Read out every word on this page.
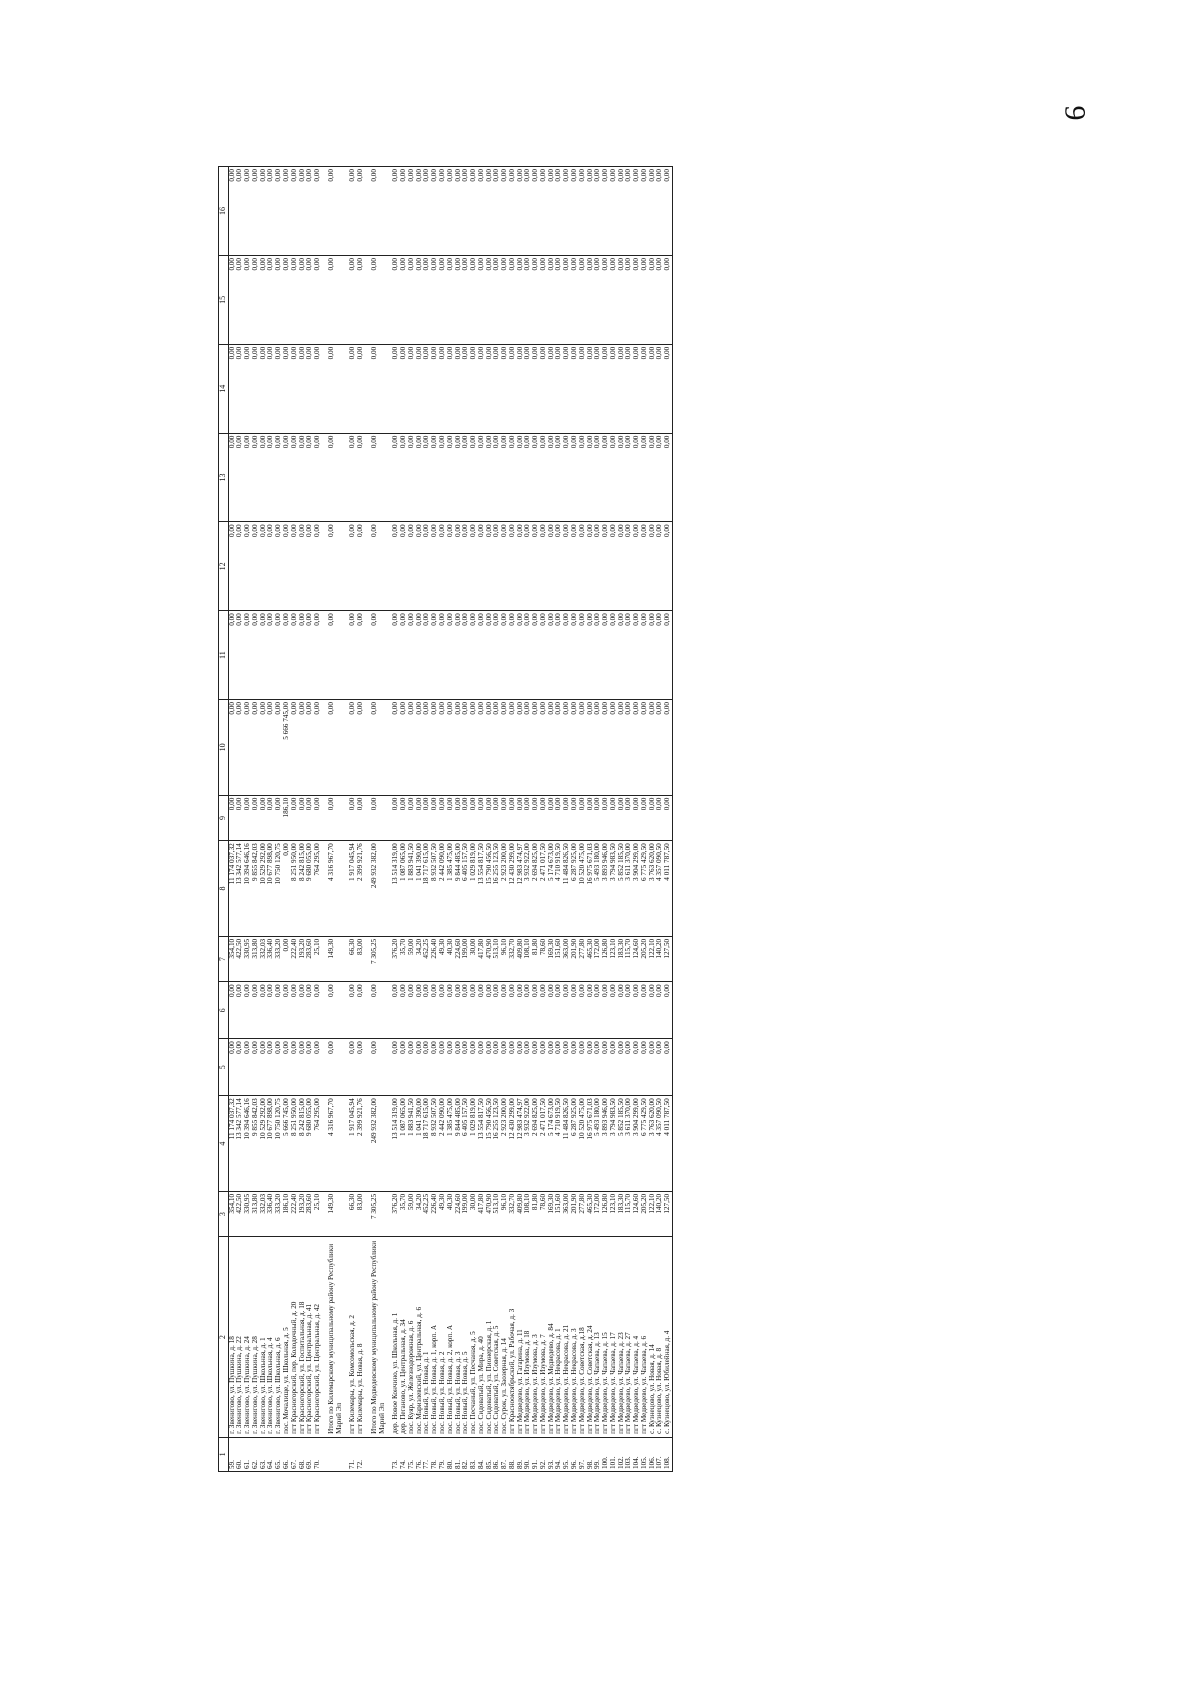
9
1	2	3	4	5	6	7	8	9	10	11	12	13	14	15	16
59.	г. Звенигово, ул. Пушкина, д. 18	354,10	11 174 037,32	0,00	0,00	354,10	11 174 037,32	0,00	0,00	0,00	0,00	0,00	0,00	0,00	0,00
60.	г. Звенигово, ул. Пушкина, д. 22	422,50	13 342 577,14	0,00	0,00	422,50	13 342 577,14	0,00	0,00	0,00	0,00	0,00	0,00	0,00	0,00
61.	г. Звенигово, ул. Пушкина, д. 24	330,95	10 394 646,16	0,00	0,00	330,95	10 394 646,16	0,00	0,00	0,00	0,00	0,00	0,00	0,00	0,00
62.	г. Звенигово, ул. Пушкина, д. 28	313,80	9 855 842,03	0,00	0,00	313,80	9 855 842,03	0,00	0,00	0,00	0,00	0,00	0,00	0,00	0,00
63.	г. Звенигово, ул. Школьная, д. 1	332,03	10 529 292,00	0,00	0,00	332,03	10 529 292,00	0,00	0,00	0,00	0,00	0,00	0,00	0,00	0,00
64.	г. Звенигово, ул. Школьная, д. 4	336,40	10 677 898,00	0,00	0,00	336,40	10 677 898,00	0,00	0,00	0,00	0,00	0,00	0,00	0,00	0,00
65.	г. Звенигово, ул. Школьная, д. 6	333,20	10 750 120,75	0,00	0,00	333,20	10 750 120,75	0,00	0,00	0,00	0,00	0,00	0,00	0,00	0,00
66.	пос. Мочалище, ул. Школьная, д. 5	186,10	5 666 745,00	0,00	0,00	0,00	0,00	186,10	5 666 745,00	0,00	0,00	0,00	0,00	0,00	0,00
67.	пгт Красногорский, пер. Колодочный, д. 20	222,40	8 251 950,00	0,00	0,00	222,40	8 251 950,00	0,00	0,00	0,00	0,00	0,00	0,00	0,00	0,00
68.	пгт Красногорский, ул. Госпитальная, д. 18	193,20	8 242 815,00	0,00	0,00	193,20	8 242 815,00	0,00	0,00	0,00	0,00	0,00	0,00	0,00	0,00
69.	пгт Красногорский, ул. Центральная, д. 41	283,60	9 680 055,00	0,00	0,00	283,60	9 680 055,00	0,00	0,00	0,00	0,00	0,00	0,00	0,00	0,00
70.	пгт Красногорский, ул. Центральная, д. 42	25,10	764 295,00	0,00	0,00	25,10	764 295,00	0,00	0,00	0,00	0,00	0,00	0,00	0,00	0,00

	Итого по Килемарскому муниципальному району Республики Марий Эл	149,30	4 316 967,70	0,00	0,00	149,30	4 316 967,70	0,00	0,00	0,00	0,00	0,00	0,00	0,00	0,00

71.	пгт Килемары, ул. Комсомольская, д. 2	66,30	1 917 045,94	0,00	0,00	66,30	1 917 045,94	0,00	0,00	0,00	0,00	0,00	0,00	0,00	0,00
72.	пгт Килемары, ул. Новая, д. 8	83,00	2 399 921,76	0,00	0,00	83,00	2 399 921,76	0,00	0,00	0,00	0,00	0,00	0,00	0,00	0,00

	Итого по Медведевскому муниципальному району Республики Марий Эл	7 305,25	249 932 382,00	0,00	0,00	7 305,25	249 932 382,00	0,00	0,00	0,00	0,00	0,00	0,00	0,00	0,00

73.	дер. Новое Кончино, ул. Школьная, д. 1	376,20	13 514 319,00	0,00	0,00	376,20	13 514 319,00	0,00	0,00	0,00	0,00	0,00	0,00	0,00	0,00
74.	дер. Пеганово, ул. Центральная, д. 34	35,70	1 087 065,00	0,00	0,00	35,70	1 087 065,00	0,00	0,00	0,00	0,00	0,00	0,00	0,00	0,00
75.	пос. Куяр, ул. Железнодорожная, д. 6	59,00	1 883 941,50	0,00	0,00	59,00	1 883 941,50	0,00	0,00	0,00	0,00	0,00	0,00	0,00	0,00
76.	пос. Мариэлевский, ул. Центральная, д. 6	34,20	1 041 390,00	0,00	0,00	34,20	1 041 390,00	0,00	0,00	0,00	0,00	0,00	0,00	0,00	0,00
77.	пос. Новый, ул. Новая, д. 1	452,25	18 717 615,00	0,00	0,00	452,25	18 717 615,00	0,00	0,00	0,00	0,00	0,00	0,00	0,00	0,00
78.	пос. Новый, ул. Новая, д. 1, корп. А	226,40	8 932 507,50	0,00	0,00	226,40	8 932 507,50	0,00	0,00	0,00	0,00	0,00	0,00	0,00	0,00
79.	пос. Новый, ул. Новая, д. 2	49,30	2 442 090,00	0,00	0,00	49,30	2 442 090,00	0,00	0,00	0,00	0,00	0,00	0,00	0,00	0,00
80.	пос. Новый, ул. Новая, д. 2, корп. А	40,30	1 385 475,00	0,00	0,00	40,30	1 385 475,00	0,00	0,00	0,00	0,00	0,00	0,00	0,00	0,00
81.	пос. Новый, ул. Новая, д. 3	224,60	9 844 485,00	0,00	0,00	224,60	9 844 485,00	0,00	0,00	0,00	0,00	0,00	0,00	0,00	0,00
82.	пос. Новый, ул. Новая, д. 5	199,00	6 405 157,50	0,00	0,00	199,00	6 405 157,50	0,00	0,00	0,00	0,00	0,00	0,00	0,00	0,00
83.	пос. Песчаный, ул. Песчаная, д. 5	30,00	1 029 819,00	0,00	0,00	30,00	1 029 819,00	0,00	0,00	0,00	0,00	0,00	0,00	0,00	0,00
84.	пос. Сидоватый, ул. Мира, д. 40	417,80	13 554 817,50	0,00	0,00	417,80	13 554 817,50	0,00	0,00	0,00	0,00	0,00	0,00	0,00	0,00
85.	пос. Сидоватый, ул. Пионерская, д. 1	470,90	15 790 456,50	0,00	0,00	470,90	15 790 456,50	0,00	0,00	0,00	0,00	0,00	0,00	0,00	0,00
86.	пос. Сидоватый, ул. Советская, д. 5	513,10	16 255 123,50	0,00	0,00	513,10	16 255 123,50	0,00	0,00	0,00	0,00	0,00	0,00	0,00	0,00
87.	пос. Сурок, ул. Заозерная, д. 14	96,10	2 923 200,00	0,00	0,00	96,10	2 923 200,00	0,00	0,00	0,00	0,00	0,00	0,00	0,00	0,00
88.	пгт Краснооктябрьский, ул. Рабочая, д. 3	332,70	12 430 299,00	0,00	0,00	332,70	12 430 299,00	0,00	0,00	0,00	0,00	0,00	0,00	0,00	0,00
89.	пгт Медведево, ул. Гагарина, д. 11	409,80	12 983 474,97	0,00	0,00	409,80	12 983 474,97	0,00	0,00	0,00	0,00	0,00	0,00	0,00	0,00
90.	пгт Медведево, ул. Изумова, д. 18	108,10	3 932 922,00	0,00	0,00	108,10	3 932 922,00	0,00	0,00	0,00	0,00	0,00	0,00	0,00	0,00
91.	пгт Медведево, ул. Изумова, д. 3	81,80	2 694 825,00	0,00	0,00	81,80	2 694 825,00	0,00	0,00	0,00	0,00	0,00	0,00	0,00	0,00
92.	пгт Медведево, ул. Изумова, д. 7	78,60	2 471 017,50	0,00	0,00	78,60	2 471 017,50	0,00	0,00	0,00	0,00	0,00	0,00	0,00	0,00
93.	пгт Медведево, ул. Медведево, д. 84	169,30	5 174 673,00	0,00	0,00	169,30	5 174 673,00	0,00	0,00	0,00	0,00	0,00	0,00	0,00	0,00
94.	пгт Медведево, ул. Некрасова, д. 1	151,60	4 710 919,50	0,00	0,00	151,60	4 710 919,50	0,00	0,00	0,00	0,00	0,00	0,00	0,00	0,00
95.	пгт Медведево, ул. Некрасова, д. 21	363,00	11 484 826,50	0,00	0,00	363,00	11 484 826,50	0,00	0,00	0,00	0,00	0,00	0,00	0,00	0,00
96.	пгт Медведево, ул. Некрасова, д. 3	201,90	6 287 925,00	0,00	0,00	201,90	6 287 925,00	0,00	0,00	0,00	0,00	0,00	0,00	0,00	0,00
97.	пгт Медведево, ул. Советская, д.18	277,80	10 520 475,00	0,00	0,00	277,80	10 520 475,00	0,00	0,00	0,00	0,00	0,00	0,00	0,00	0,00
98.	пгт Медведево, ул. Советская, д. 24	465,30	16 975 671,03	0,00	0,00	465,30	16 975 671,03	0,00	0,00	0,00	0,00	0,00	0,00	0,00	0,00
99.	пгт Медведево, ул. Чапаева, д. 13	172,00	5 493 180,00	0,00	0,00	172,00	5 493 180,00	0,00	0,00	0,00	0,00	0,00	0,00	0,00	0,00
100.	пгт Медведево, ул. Чапаева, д. 15	126,80	3 893 946,00	0,00	0,00	126,80	3 893 946,00	0,00	0,00	0,00	0,00	0,00	0,00	0,00	0,00
101.	пгт Медведево, ул. Чапаева, д. 17	123,10	3 794 983,50	0,00	0,00	123,10	3 794 983,50	0,00	0,00	0,00	0,00	0,00	0,00	0,00	0,00
102.	пгт Медведево, ул. Чапаева, д. 23	183,30	5 852 185,50	0,00	0,00	183,30	5 852 185,50	0,00	0,00	0,00	0,00	0,00	0,00	0,00	0,00
103.	пгт Медведево, ул. Чапаева, д. 27	115,70	3 611 370,00	0,00	0,00	115,70	3 611 370,00	0,00	0,00	0,00	0,00	0,00	0,00	0,00	0,00
104.	пгт Медведево, ул. Чапаева, д. 4	124,60	3 904 299,00	0,00	0,00	124,60	3 904 299,00	0,00	0,00	0,00	0,00	0,00	0,00	0,00	0,00
105.	пгт Медведево, ул. Чапаева, д. 6	205,20	6 775 429,50	0,00	0,00	205,20	6 775 429,50	0,00	0,00	0,00	0,00	0,00	0,00	0,00	0,00
106.	с. Кузнецово, ул. Новая, д. 14	122,10	3 763 620,00	0,00	0,00	122,10	3 763 620,00	0,00	0,00	0,00	0,00	0,00	0,00	0,00	0,00
107.	с. Кузнецово, ул. Новая, д. 8	140,20	4 357 090,50	0,00	0,00	140,20	4 357 090,50	0,00	0,00	0,00	0,00	0,00	0,00	0,00	0,00
108.	с. Кузнецово, ул. Юбилейная, д. 4	127,50	4 011 787,50	0,00	0,00	127,50	4 011 787,50	0,00	0,00	0,00	0,00	0,00	0,00	0,00	0,00
